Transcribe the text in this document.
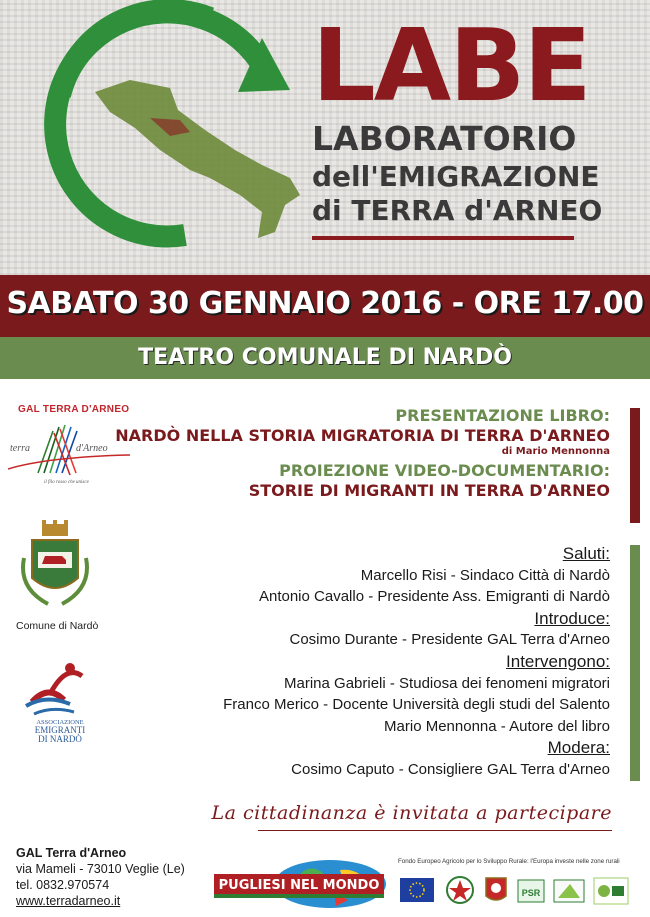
LABE
LABORATORIO
dell'EMIGRAZIONE
di TERRA d'ARNEO
SABATO 30 GENNAIO 2016 - ORE 17.00
TEATRO COMUNALE DI NARDÒ
GAL TERRA D'ARNEO
terra	d'Arneo
il filo rosso che unisce
Comune di Nardò
ASSOCIAZIONE
EMIGRANTI
DI NARDÒ
PRESENTAZIONE LIBRO:
NARDÒ NELLA STORIA MIGRATORIA DI TERRA D'ARNEO
di Mario Mennonna
PROIEZIONE VIDEO-DOCUMENTARIO:
STORIE DI MIGRANTI IN TERRA D'ARNEO
Saluti:
Marcello Risi - Sindaco Città di Nardò
Antonio Cavallo - Presidente Ass. Emigranti di Nardò
Introduce:
Cosimo Durante - Presidente GAL Terra d'Arneo
Intervengono:
Marina Gabrieli - Studiosa dei fenomeni migratori
Franco Merico - Docente Università degli studi del Salento
Mario Mennonna - Autore del libro
Modera:
Cosimo Caputo - Consigliere GAL Terra d'Arneo
La cittadinanza è invitata a partecipare
GAL Terra d'Arneo
via Mameli - 73010 Veglie (Le)
tel. 0832.970574
www.terradarneo.it
PUGLIESI NEL MONDO
Fondo Europeo Agricolo per lo Sviluppo Rurale: l'Europa investe nelle zone rurali
PSR
